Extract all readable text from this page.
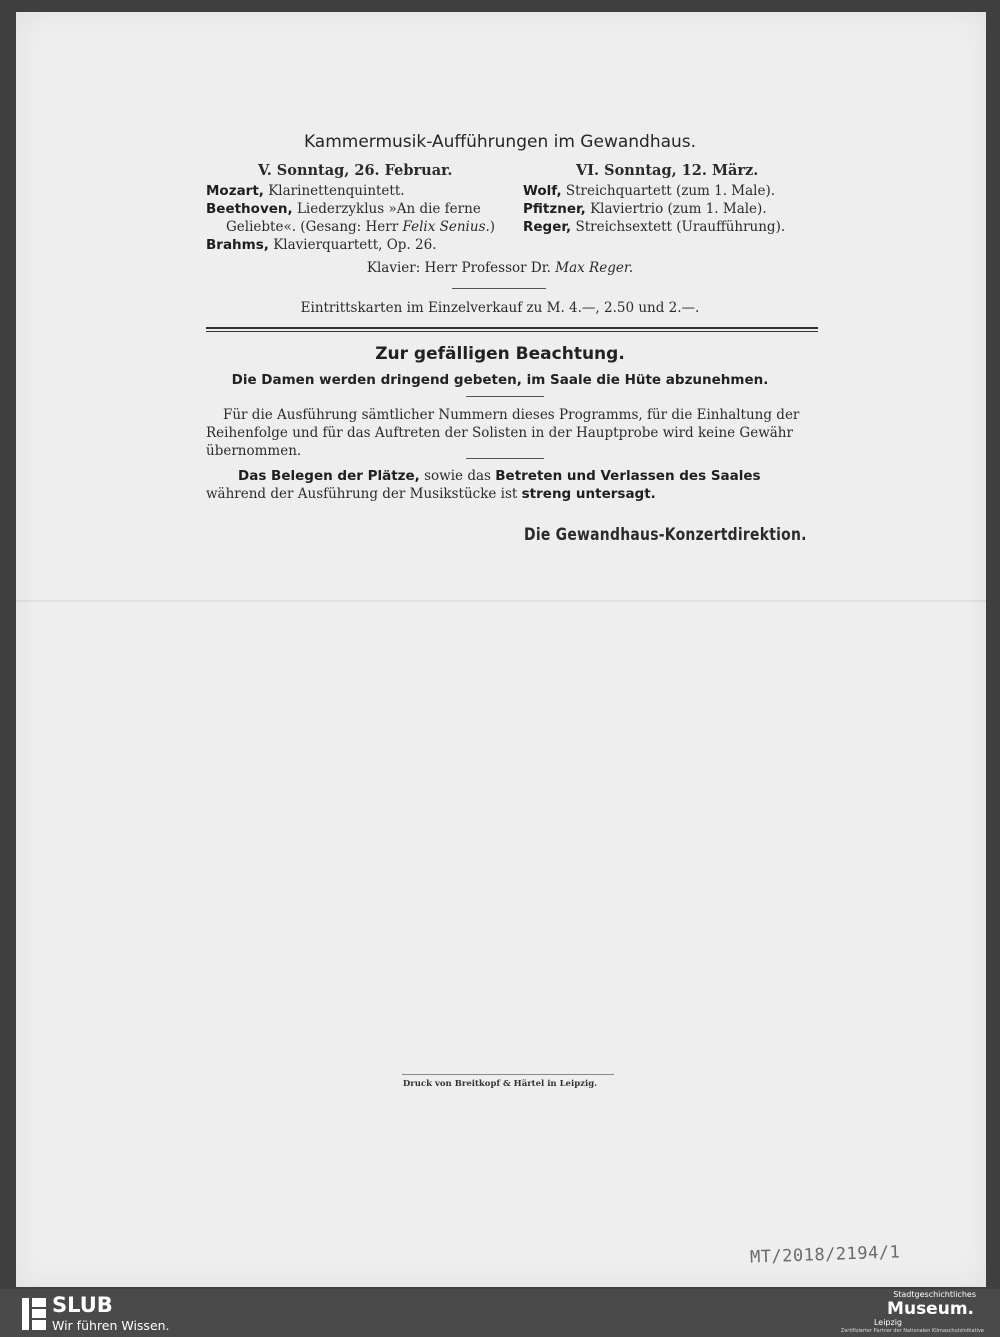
Kammermusik-Aufführungen im Gewandhaus.
V. Sonntag, 26. Februar.	VI. Sonntag, 12. März.
Mozart, Klarinettenquintett.
Beethoven, Liederzyklus »An die ferne
Geliebte«. (Gesang: Herr Felix Senius.)
Brahms, Klavierquartett, Op. 26.
Wolf, Streichquartett (zum 1. Male).
Pfitzner, Klaviertrio (zum 1. Male).
Reger, Streichsextett (Uraufführung).
Klavier: Herr Professor Dr. Max Reger.
Eintrittskarten im Einzelverkauf zu M. 4.—, 2.50 und 2.—.
Zur gefälligen Beachtung.
Die Damen werden dringend gebeten, im Saale die Hüte abzunehmen.
Für die Ausführung sämtlicher Nummern dieses Programms, für die Einhaltung der
Reihenfolge und für das Auftreten der Solisten in der Hauptprobe wird keine Gewähr
übernommen.
Das Belegen der Plätze, sowie das Betreten und Verlassen des Saales
während der Ausführung der Musikstücke ist streng untersagt.
Die Gewandhaus-Konzertdirektion.
Druck von Breitkopf & Härtel in Leipzig.
MT/2018/2194/1
SLUB
Wir führen Wissen.
Stadtgeschichtliches
Museum.
Leipzig
Zertifizierter Partner der Nationalen Klimaschutzinitiative
